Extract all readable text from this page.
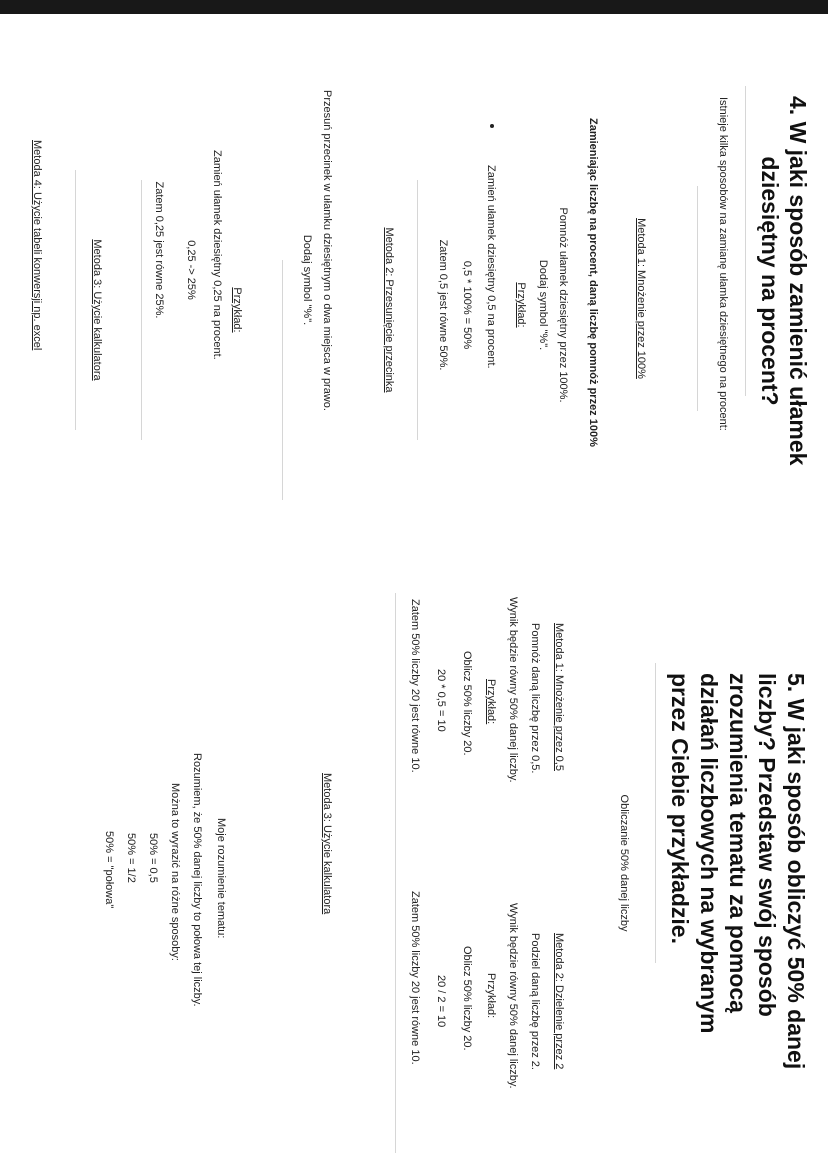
4. W jaki sposób zamienić ułamek
dziesiętny na procent?
Istnieje kilka sposobów na zamianę ułamka dziesiętnego na procent:
Metoda 1: Mnożenie przez 100%
Zamieniając liczbę na procent, daną liczbę pomnóż przez 100%
Pomnóż ułamek dziesiętny przez 100%.
Dodaj symbol "%".
Przykład:
Zamień ułamek dziesiętny 0,5 na procent.
0,5 * 100% = 50%
Zatem 0,5 jest równe 50%.
Metoda 2: Przesunięcie przecinka
Przesuń przecinek w ułamku dziesiętnym o dwa miejsca w prawo.
Dodaj symbol "%".
Przykład:
Zamień ułamek dziesiętny 0,25 na procent.
0,25 -> 25%
Zatem 0,25 jest równe 25%.
Metoda 3: Użycie kalkulatora
Metoda 4: Użycie tabeli konwersji np. excel
5. W jaki sposób obliczyć 50% danej
liczby? Przedstaw swój sposób
zrozumienia tematu za pomocą
działań liczbowych na wybranym
przez Ciebie przykładzie.
Obliczanie 50% danej liczby
Metoda 1: Mnożenie przez 0,5
Pomnóż daną liczbę przez 0,5.
Wynik będzie równy 50% danej liczby.
Przykład:
Oblicz 50% liczby 20.
20 * 0,5 = 10
Zatem 50% liczby 20 jest równe 10.
Metoda 2: Dzielenie przez 2
Podziel daną liczbę przez 2.
Wynik będzie równy 50% danej liczby.
Przykład:
Oblicz 50% liczby 20.
20 / 2 = 10
Zatem 50% liczby 20 jest równe 10.
Metoda 3: Użycie kalkulatora
Moje rozumienie tematu:
Rozumiem, że 50% danej liczby to połowa tej liczby.
Można to wyrazić na różne sposoby:
50% = 0,5
50% = 1/2
50% = "połowa"
